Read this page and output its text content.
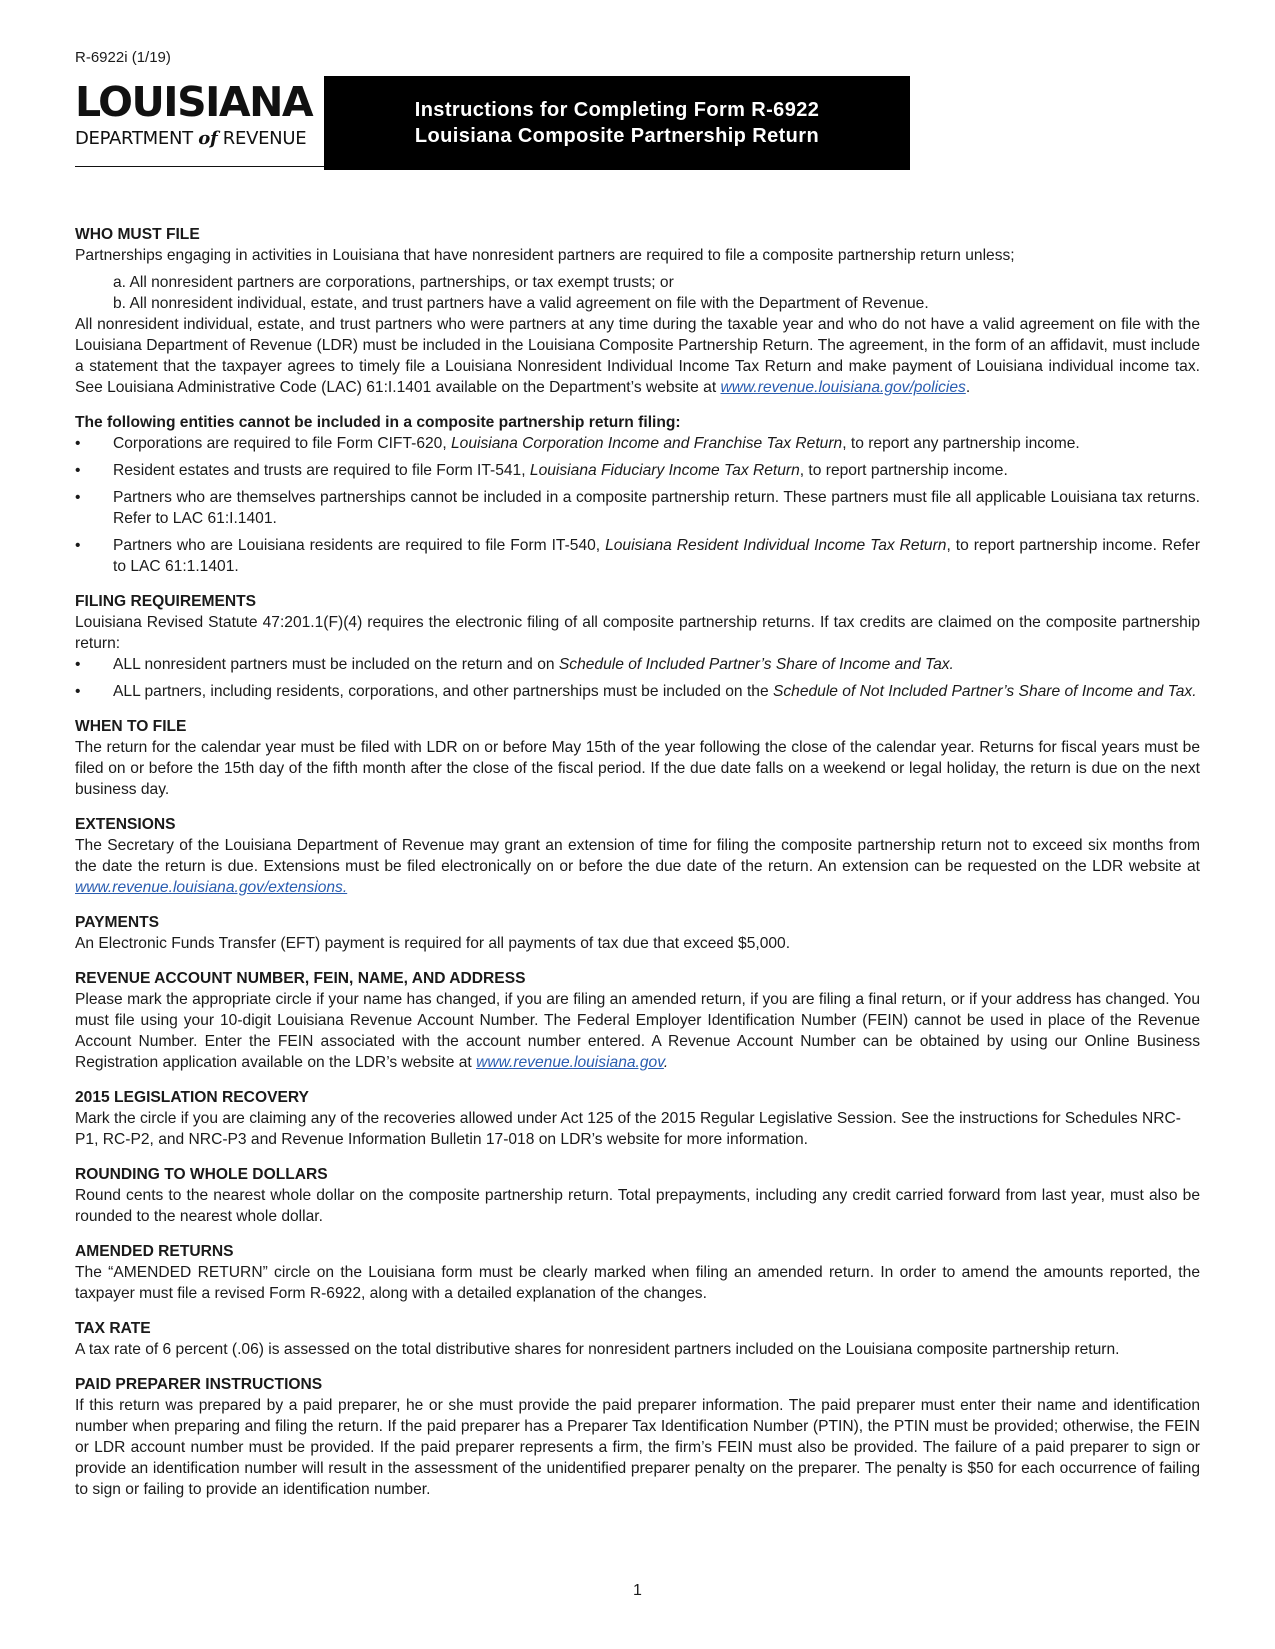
R-6922i (1/19)
LOUISIANA
DEPARTMENT of REVENUE
Instructions for Completing Form R-6922
Louisiana Composite Partnership Return
WHO MUST FILE

Partnerships engaging in activities in Louisiana that have nonresident partners are required to file a composite partnership return unless;

a. All nonresident partners are corporations, partnerships, or tax exempt trusts; or
b. All nonresident individual, estate, and trust partners have a valid agreement on file with the Department of Revenue.

All nonresident individual, estate, and trust partners who were partners at any time during the taxable year and who do not have a valid agreement on file with the Louisiana Department of Revenue (LDR) must be included in the Louisiana Composite Partnership Return. The agreement, in the form of an affidavit, must include a statement that the taxpayer agrees to timely file a Louisiana Nonresident Individual Income Tax Return and make payment of Louisiana individual income tax. See Louisiana Administrative Code (LAC) 61:I.1401 available on the Department’s website at www.revenue.louisiana.gov/policies.

The following entities cannot be included in a composite partnership return filing:
• Corporations are required to file Form CIFT-620, Louisiana Corporation Income and Franchise Tax Return, to report any partnership income.
• Resident estates and trusts are required to file Form IT-541, Louisiana Fiduciary Income Tax Return, to report partnership income.
• Partners who are themselves partnerships cannot be included in a composite partnership return. These partners must file all applicable Louisiana tax returns. Refer to LAC 61:I.1401.
• Partners who are Louisiana residents are required to file Form IT-540, Louisiana Resident Individual Income Tax Return, to report partnership income. Refer to LAC 61:1.1401.
FILING REQUIREMENTS

Louisiana Revised Statute 47:201.1(F)(4) requires the electronic filing of all composite partnership returns. If tax credits are claimed on the composite partnership return:

• ALL nonresident partners must be included on the return and on Schedule of Included Partner’s Share of Income and Tax.
• ALL partners, including residents, corporations, and other partnerships must be included on the Schedule of Not Included Partner’s Share of Income and Tax.
WHEN TO FILE

The return for the calendar year must be filed with LDR on or before May 15th of the year following the close of the calendar year. Returns for fiscal years must be filed on or before the 15th day of the fifth month after the close of the fiscal period. If the due date falls on a weekend or legal holiday, the return is due on the next business day.

EXTENSIONS

The Secretary of the Louisiana Department of Revenue may grant an extension of time for filing the composite partnership return not to exceed six months from the date the return is due. Extensions must be filed electronically on or before the due date of the return. An extension can be requested on the LDR website at www.revenue.louisiana.gov/extensions.

PAYMENTS

An Electronic Funds Transfer (EFT) payment is required for all payments of tax due that exceed $5,000.

REVENUE ACCOUNT NUMBER, FEIN, NAME, AND ADDRESS

Please mark the appropriate circle if your name has changed, if you are filing an amended return, if you are filing a final return, or if your address has changed. You must file using your 10-digit Louisiana Revenue Account Number. The Federal Employer Identification Number (FEIN) cannot be used in place of the Revenue Account Number. Enter the FEIN associated with the account number entered. A Revenue Account Number can be obtained by using our Online Business Registration application available on the LDR’s website at www.revenue.louisiana.gov.

2015 LEGISLATION RECOVERY

Mark the circle if you are claiming any of the recoveries allowed under Act 125 of the 2015 Regular Legislative Session. See the instructions for Schedules NRC-P1, RC-P2, and NRC-P3 and Revenue Information Bulletin 17-018 on LDR’s website for more information.

ROUNDING TO WHOLE DOLLARS

Round cents to the nearest whole dollar on the composite partnership return. Total prepayments, including any credit carried forward from last year, must also be rounded to the nearest whole dollar.

AMENDED RETURNS

The “AMENDED RETURN” circle on the Louisiana form must be clearly marked when filing an amended return. In order to amend the amounts reported, the taxpayer must file a revised Form R-6922, along with a detailed explanation of the changes.

TAX RATE

A tax rate of 6 percent (.06) is assessed on the total distributive shares for nonresident partners included on the Louisiana composite partnership return.

PAID PREPARER INSTRUCTIONS

If this return was prepared by a paid preparer, he or she must provide the paid preparer information. The paid preparer must enter their name and identification number when preparing and filing the return. If the paid preparer has a Preparer Tax Identification Number (PTIN), the PTIN must be provided; otherwise, the FEIN or LDR account number must be provided. If the paid preparer represents a firm, the firm’s FEIN must also be provided. The failure of a paid preparer to sign or provide an identification number will result in the assessment of the unidentified preparer penalty on the preparer. The penalty is $50 for each occurrence of failing to sign or failing to provide an identification number.

1
